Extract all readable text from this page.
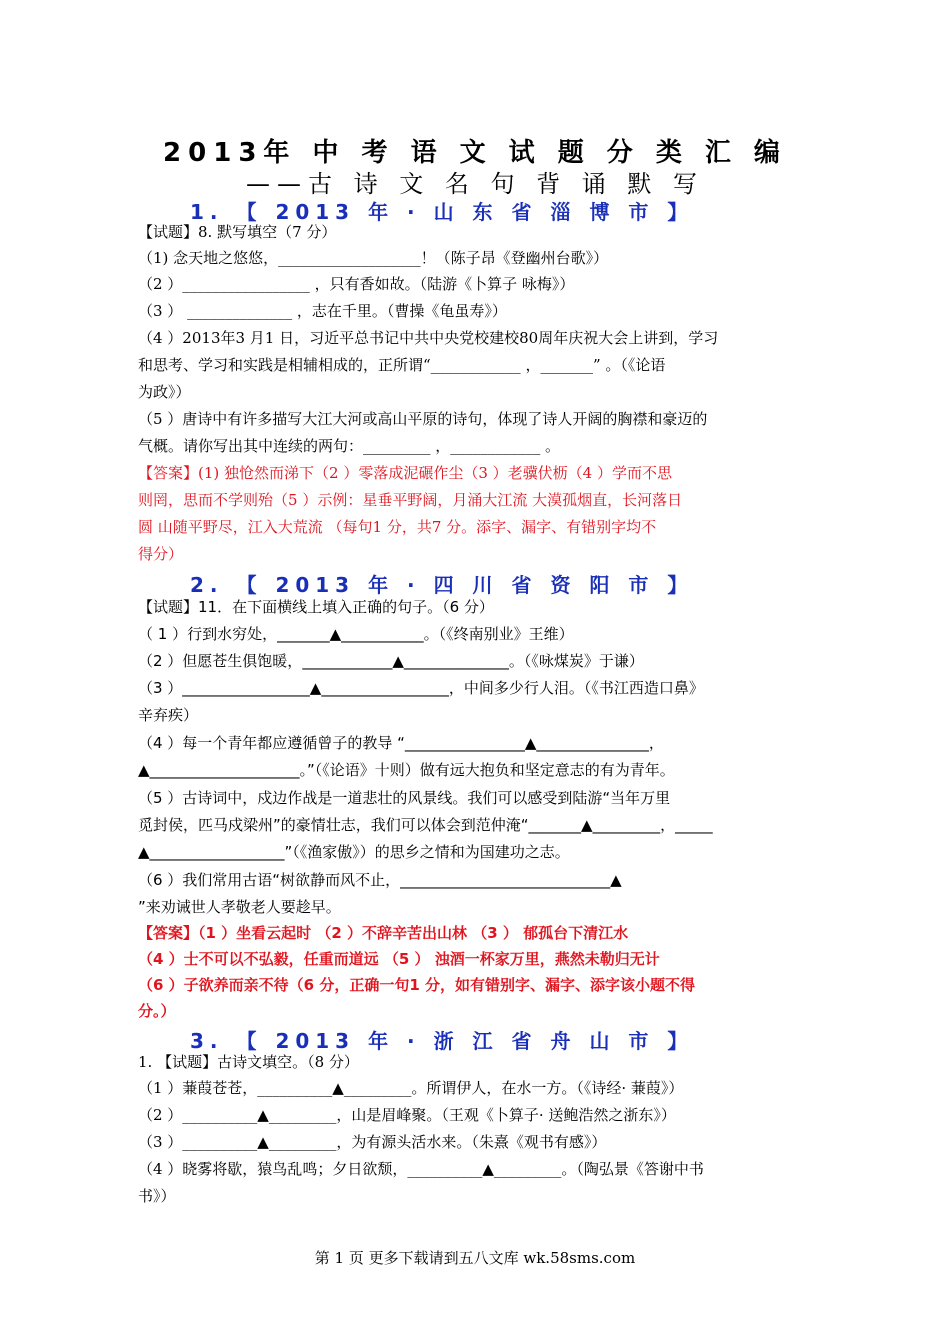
2013年 中 考 语 文 试 题 分 类 汇 编
——古 诗 文 名 句 背 诵 默 写
1. 【 2013 年 · 山 东 省 淄 博 市 】
【试题】8. 默写填空（7 分）
（1) 念天地之悠悠，___________________！（陈子昂《登幽州台歌》）
（2 ）_________________ ，只有香如故。（陆游《卜算子 咏梅》）
（3 ） ______________ ，志在千里。（曹操《龟虽寿》）
（4 ）2013年3 月1 日，习近平总书记中共中央党校建校80周年庆祝大会上讲到，学习
和思考、学习和实践是相辅相成的，正所谓“____________ ，_______” 。（《论语
为政》）
（5 ）唐诗中有许多描写大江大河或高山平原的诗句，体现了诗人开阔的胸襟和豪迈的
气概。请你写出其中连续的两句：_________ ，____________ 。
【答案】(1) 独怆然而涕下（2 ）零落成泥碾作尘（3 ）老骥伏枥（4 ）学而不思
则罔，思而不学则殆（5 ）示例：星垂平野阔，月涌大江流 大漠孤烟直，长河落日
圆 山随平野尽，江入大荒流 （每句1 分，共7 分。添字、漏字、有错别字均不
得分）
2. 【 2013 年 · 四 川 省 资 阳 市 】
【试题】11．在下面横线上填入正确的句子。（6 分）
（ 1 ）行到水穷处，_______▲___________。（《终南别业》王维）
（2 ）但愿苍生俱饱暖，____________▲______________。（《咏煤炭》于谦）
（3 ）_________________▲_________________，中间多少行人泪。（《书江西造口鼻》
辛弃疾）
（4 ）每一个青年都应遵循曾子的教导 “________________▲_______________，
▲____________________。”（《论语》十则）做有远大抱负和坚定意志的有为青年。
（5 ）古诗词中，戍边作战是一道悲壮的风景线。我们可以感受到陆游“当年万里
觅封侯，匹马戍梁州”的豪情壮志，我们可以体会到范仲淹“_______▲_________，_____
▲__________________”（《渔家傲》）的思乡之情和为国建功之志。
（6 ）我们常用古语“树欲静而风不止，____________________________▲
”来劝诫世人孝敬老人要趁早。
【答案】（1 ）坐看云起时 （2 ）不辞辛苦出山林 （3 ） 郁孤台下清江水
（4 ）士不可以不弘毅，任重而道远 （5 ） 浊酒一杯家万里，燕然未勒归无计
（6 ）子欲养而亲不待（6 分，正确一句1 分，如有错别字、漏字、添字该小题不得
分。）
3. 【 2013 年 · 浙 江 省 舟 山 市 】
1. 【试题】古诗文填空。（8 分）
（1 ）蒹葭苍苍，__________▲_________。所谓伊人，在水一方。（《诗经· 蒹葭》）
（2 ）__________▲_________，山是眉峰聚。（王观《卜算子· 送鲍浩然之浙东》）
（3 ）__________▲_________，为有源头活水来。（朱熹《观书有感》）
（4 ）晓雾将歇，猿鸟乱鸣；夕日欲颓，__________▲_________。（陶弘景《答谢中书
书》）
第 1 页 更多下载请到五八文库 wk.58sms.com
